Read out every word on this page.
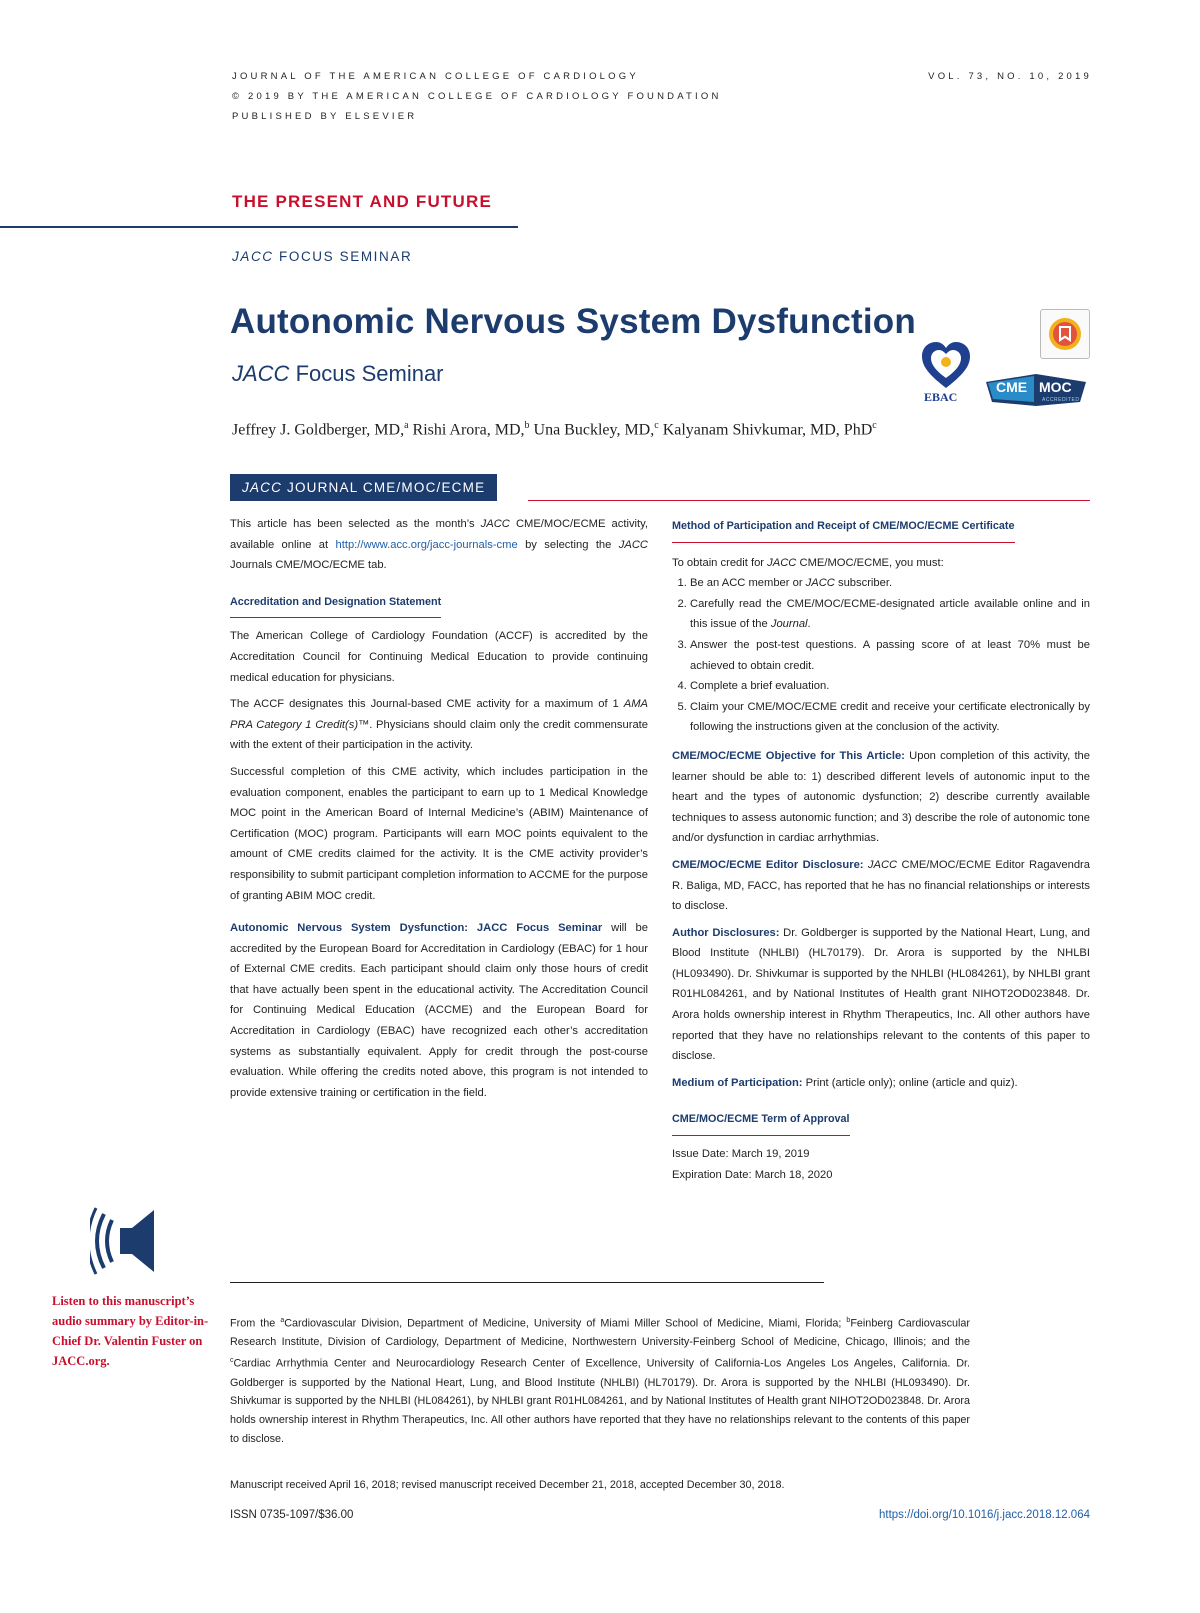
JOURNAL OF THE AMERICAN COLLEGE OF CARDIOLOGY
© 2019 BY THE AMERICAN COLLEGE OF CARDIOLOGY FOUNDATION
PUBLISHED BY ELSEVIER
VOL. 73, NO. 10, 2019
THE PRESENT AND FUTURE
JACC FOCUS SEMINAR
Autonomic Nervous System Dysfunction
JACC Focus Seminar
EBAC
CME MOC
ACCREDITED
Jeffrey J. Goldberger, MD,$^a$ Rishi Arora, MD,$^b$ Una Buckley, MD,$^c$ Kalyanam Shivkumar, MD, PhD$^c$
JACC JOURNAL CME/MOC/ECME

This article has been selected as the month’s JACC CME/MOC/ECME activity, available online at http://www.acc.org/jacc-journals-cme by selecting the JACC Journals CME/MOC/ECME tab.

Accreditation and Designation Statement

The American College of Cardiology Foundation (ACCF) is accredited by the Accreditation Council for Continuing Medical Education to provide continuing medical education for physicians.

The ACCF designates this Journal-based CME activity for a maximum of 1 AMA PRA Category 1 Credit(s)™. Physicians should claim only the credit commensurate with the extent of their participation in the activity.

Successful completion of this CME activity, which includes participation in the evaluation component, enables the participant to earn up to 1 Medical Knowledge MOC point in the American Board of Internal Medicine’s (ABIM) Maintenance of Certification (MOC) program. Participants will earn MOC points equivalent to the amount of CME credits claimed for the activity. It is the CME activity provider’s responsibility to submit participant completion information to ACCME for the purpose of granting ABIM MOC credit.

Autonomic Nervous System Dysfunction: JACC Focus Seminar will be accredited by the European Board for Accreditation in Cardiology (EBAC) for 1 hour of External CME credits. Each participant should claim only those hours of credit that have actually been spent in the educational activity. The Accreditation Council for Continuing Medical Education (ACCME) and the European Board for Accreditation in Cardiology (EBAC) have recognized each other’s accreditation systems as substantially equivalent. Apply for credit through the post-course evaluation. While offering the credits noted above, this program is not intended to provide extensive training or certification in the field.

Method of Participation and Receipt of CME/MOC/ECME Certificate

To obtain credit for JACC CME/MOC/ECME, you must:

1. Be an ACC member or JACC subscriber.
2. Carefully read the CME/MOC/ECME-designated article available online and in this issue of the Journal.
3. Answer the post-test questions. A passing score of at least 70% must be achieved to obtain credit.
4. Complete a brief evaluation.
5. Claim your CME/MOC/ECME credit and receive your certificate electronically by following the instructions given at the conclusion of the activity.

CME/MOC/ECME Objective for This Article: Upon completion of this activity, the learner should be able to: 1) described different levels of autonomic input to the heart and the types of autonomic dysfunction; 2) describe currently available techniques to assess autonomic function; and 3) describe the role of autonomic tone and/or dysfunction in cardiac arrhythmias.

CME/MOC/ECME Editor Disclosure: JACC CME/MOC/ECME Editor Ragavendra R. Baliga, MD, FACC, has reported that he has no financial relationships or interests to disclose.

Author Disclosures: Dr. Goldberger is supported by the National Heart, Lung, and Blood Institute (NHLBI) (HL70179). Dr. Arora is supported by the NHLBI (HL093490). Dr. Shivkumar is supported by the NHLBI (HL084261), by NHLBI grant R01HL084261, and by National Institutes of Health grant NIHOT2OD023848. Dr. Arora holds ownership interest in Rhythm Therapeutics, Inc. All other authors have reported that they have no relationships relevant to the contents of this paper to disclose.

Medium of Participation: Print (article only); online (article and quiz).

CME/MOC/ECME Term of Approval
Issue Date: March 19, 2019
Expiration Date: March 18, 2020
Listen to this manuscript’s audio summary by Editor-in-Chief Dr. Valentin Fuster on JACC.org.
From the $^a$Cardiovascular Division, Department of Medicine, University of Miami Miller School of Medicine, Miami, Florida; $^b$Feinberg Cardiovascular Research Institute, Division of Cardiology, Department of Medicine, Northwestern University-Feinberg School of Medicine, Chicago, Illinois; and the $^c$Cardiac Arrhythmia Center and Neurocardiology Research Center of Excellence, University of California-Los Angeles Los Angeles, California. Dr. Goldberger is supported by the National Heart, Lung, and Blood Institute (NHLBI) (HL70179). Dr. Arora is supported by the NHLBI (HL093490). Dr. Shivkumar is supported by the NHLBI (HL084261), by NHLBI grant R01HL084261, and by National Institutes of Health grant NIHOT2OD023848. Dr. Arora holds ownership interest in Rhythm Therapeutics, Inc. All other authors have reported that they have no relationships relevant to the contents of this paper to disclose.
Manuscript received April 16, 2018; revised manuscript received December 21, 2018, accepted December 30, 2018.
ISSN 0735-1097/$36.00	https://doi.org/10.1016/j.jacc.2018.12.064
